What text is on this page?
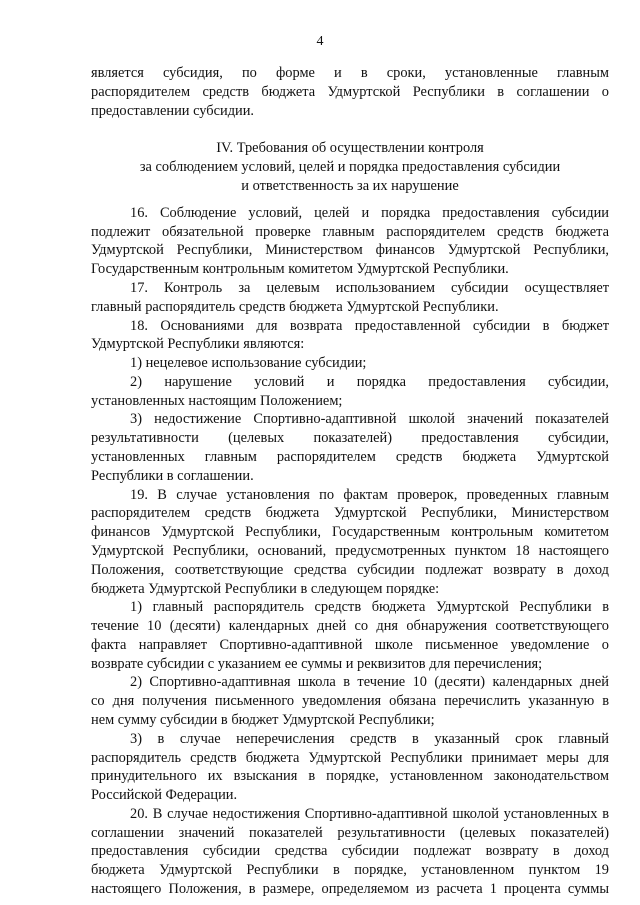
4
является субсидия, по форме и в сроки, установленные главным
распорядителем средств бюджета Удмуртской Республики в соглашении о
предоставлении субсидии.
IV. Требования об осуществлении контроля
за соблюдением условий, целей и порядка предоставления субсидии
и ответственность за их нарушение
16. Соблюдение условий, целей и порядка предоставления субсидии
подлежит обязательной проверке главным распорядителем средств бюджета
Удмуртской Республики, Министерством финансов Удмуртской Республики,
Государственным контрольным комитетом Удмуртской Республики.
17. Контроль за целевым использованием субсидии осуществляет
главный распорядитель средств бюджета Удмуртской Республики.
18. Основаниями для возврата предоставленной субсидии в бюджет
Удмуртской Республики являются:
1) нецелевое использование субсидии;
2) нарушение условий и порядка предоставления субсидии,
установленных настоящим Положением;
3) недостижение Спортивно-адаптивной школой значений показателей
результативности (целевых показателей) предоставления субсидии,
установленных главным распорядителем средств бюджета Удмуртской
Республики в соглашении.
19. В случае установления по фактам проверок, проведенных главным
распорядителем средств бюджета Удмуртской Республики, Министерством
финансов Удмуртской Республики, Государственным контрольным комитетом
Удмуртской Республики, оснований, предусмотренных пунктом 18 настоящего
Положения, соответствующие средства субсидии подлежат возврату в доход
бюджета Удмуртской Республики в следующем порядке:
1) главный распорядитель средств бюджета Удмуртской Республики в
течение 10 (десяти) календарных дней со дня обнаружения соответствующего
факта направляет Спортивно-адаптивной школе письменное уведомление о
возврате субсидии с указанием ее суммы и реквизитов для перечисления;
2) Спортивно-адаптивная школа в течение 10 (десяти) календарных дней
со дня получения письменного уведомления обязана перечислить указанную в
нем сумму субсидии в бюджет Удмуртской Республики;
3) в случае неперечисления средств в указанный срок главный
распорядитель средств бюджета Удмуртской Республики принимает меры для
принудительного их взыскания в порядке, установленном законодательством
Российской Федерации.
20. В случае недостижения Спортивно-адаптивной школой установленных в
соглашении значений показателей результативности (целевых показателей)
предоставления субсидии средства субсидии подлежат возврату в доход
бюджета Удмуртской Республики в порядке, установленном пунктом 19
настоящего Положения, в размере, определяемом из расчета 1 процента суммы
